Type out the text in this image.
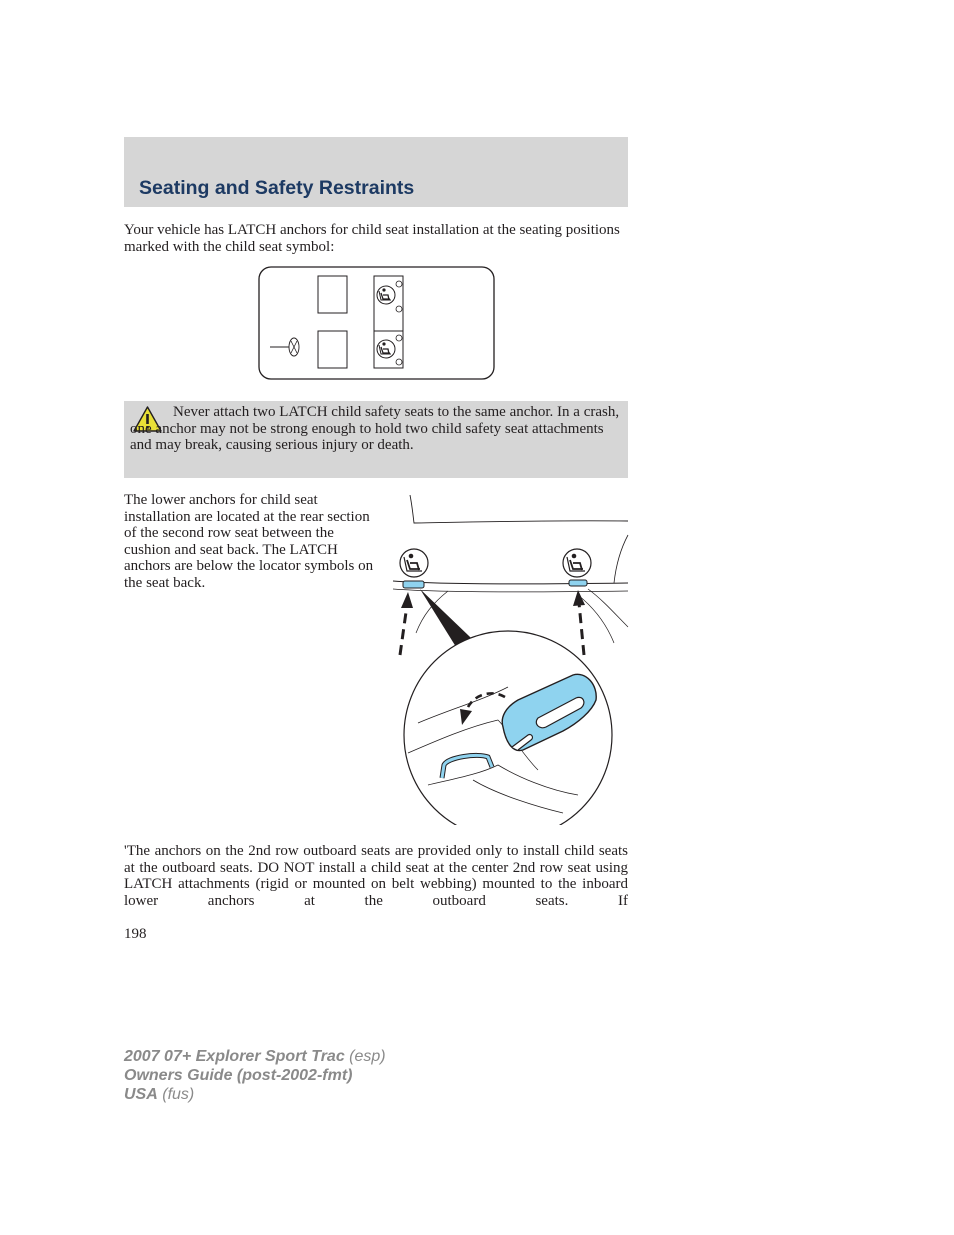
Seating and Safety Restraints

Your vehicle has LATCH anchors for child seat installation at the seating positions marked with the child seat symbol:

Never attach two LATCH child safety seats to the same anchor. In a crash, one anchor may not be strong enough to hold two child safety seat attachments and may break, causing serious injury or death.

The lower anchors for child seat installation are located at the rear section of the second row seat between the cushion and seat back. The LATCH anchors are below the locator symbols on the seat back.

'The anchors on the 2nd row outboard seats are provided only to install child seats at the outboard seats. DO NOT install a child seat at the center 2nd row seat using LATCH attachments (rigid or mounted on belt webbing) mounted to the inboard lower anchors at the outboard seats. If

198
2007 07+ Explorer Sport Trac (esp)
Owners Guide (post-2002-fmt)
USA (fus)
